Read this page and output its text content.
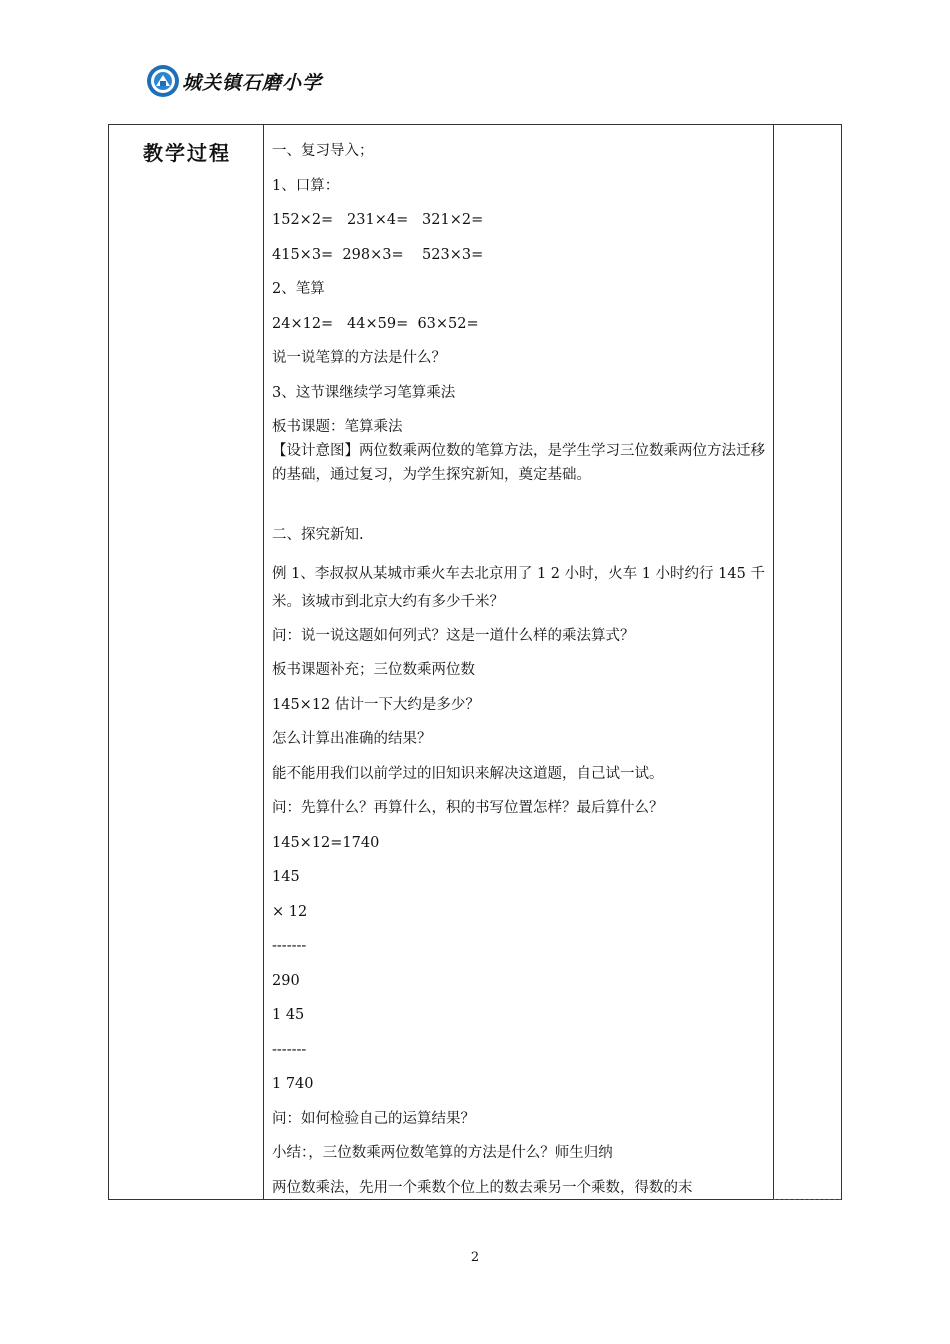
城关镇石磨小学
教学过程	一、复习导入；
1、口算：
152×2=   231×4=   321×2=
415×3=  298×3=    523×3=
2、笔算
24×12=   44×59=  63×52=
说一说笔算的方法是什么？
3、这节课继续学习笔算乘法
板书课题：笔算乘法
【设计意图】两位数乘两位数的笔算方法，是学生学习三位数乘两位方法迁移的基础，通过复习，为学生探究新知，奠定基础。
二、探究新知.
例 1、李叔叔从某城市乘火车去北京用了 1 2 小时，火车 1 小时约行 145 千米。该城市到北京大约有多少千米？
问：说一说这题如何列式？这是一道什么样的乘法算式？
板书课题补充；三位数乘两位数
145×12 估计一下大约是多少？
怎么计算出准确的结果？
能不能用我们以前学过的旧知识来解决这道题，自己试一试。
问：先算什么？再算什么，积的书写位置怎样？最后算什么？
145×12=1740
145
× 12
-------
290
1 45
-------
1 740
问：如何检验自己的运算结果？
小结：，三位数乘两位数笔算的方法是什么？师生归纳
两位数乘法，先用一个乘数个位上的数去乘另一个乘数，得数的末
2
